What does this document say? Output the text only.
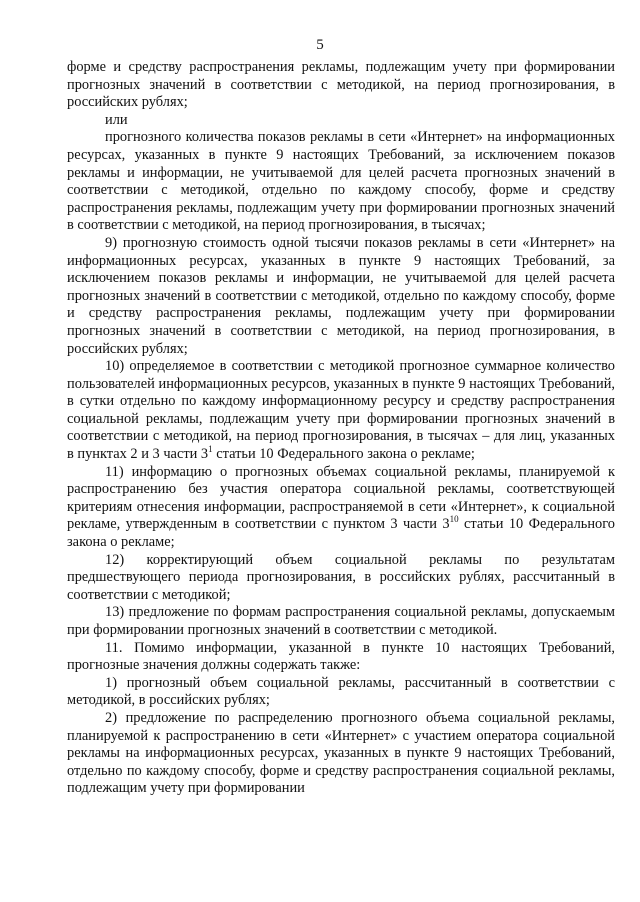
5

форме и средству распространения рекламы, подлежащим учету при формировании прогнозных значений в соответствии с методикой, на период прогнозирования, в российских рублях;

или

прогнозного количества показов рекламы в сети «Интернет» на информационных ресурсах, указанных в пункте 9 настоящих Требований, за исключением показов рекламы и информации, не учитываемой для целей расчета прогнозных значений в соответствии с методикой, отдельно по каждому способу, форме и средству распространения рекламы, подлежащим учету при формировании прогнозных значений в соответствии с методикой, на период прогнозирования, в тысячах;

9) прогнозную стоимость одной тысячи показов рекламы в сети «Интернет» на информационных ресурсах, указанных в пункте 9 настоящих Требований, за исключением показов рекламы и информации, не учитываемой для целей расчета прогнозных значений в соответствии с методикой, отдельно по каждому способу, форме и средству распространения рекламы, подлежащим учету при формировании прогнозных значений в соответствии с методикой, на период прогнозирования, в российских рублях;

10) определяемое в соответствии с методикой прогнозное суммарное количество пользователей информационных ресурсов, указанных в пункте 9 настоящих Требований, в сутки отдельно по каждому информационному ресурсу и средству распространения социальной рекламы, подлежащим учету при формировании прогнозных значений в соответствии с методикой, на период прогнозирования, в тысячах – для лиц, указанных в пунктах 2 и 3 части $3^1$ статьи 10 Федерального закона о рекламе;

11) информацию о прогнозных объемах социальной рекламы, планируемой к распространению без участия оператора социальной рекламы, соответствующей критериям отнесения информации, распространяемой в сети «Интернет», к социальной рекламе, утвержденным в соответствии с пунктом 3 части $3^{10}$ статьи 10 Федерального закона о рекламе;

12) корректирующий объем социальной рекламы по результатам предшествующего периода прогнозирования, в российских рублях, рассчитанный в соответствии с методикой;

13) предложение по формам распространения социальной рекламы, допускаемым при формировании прогнозных значений в соответствии с методикой.

11. Помимо информации, указанной в пункте 10 настоящих Требований, прогнозные значения должны содержать также:

1) прогнозный объем социальной рекламы, рассчитанный в соответствии с методикой, в российских рублях;

2) предложение по распределению прогнозного объема социальной рекламы, планируемой к распространению в сети «Интернет» с участием оператора социальной рекламы на информационных ресурсах, указанных в пункте 9 настоящих Требований, отдельно по каждому способу, форме и средству распространения социальной рекламы, подлежащим учету при формировании
